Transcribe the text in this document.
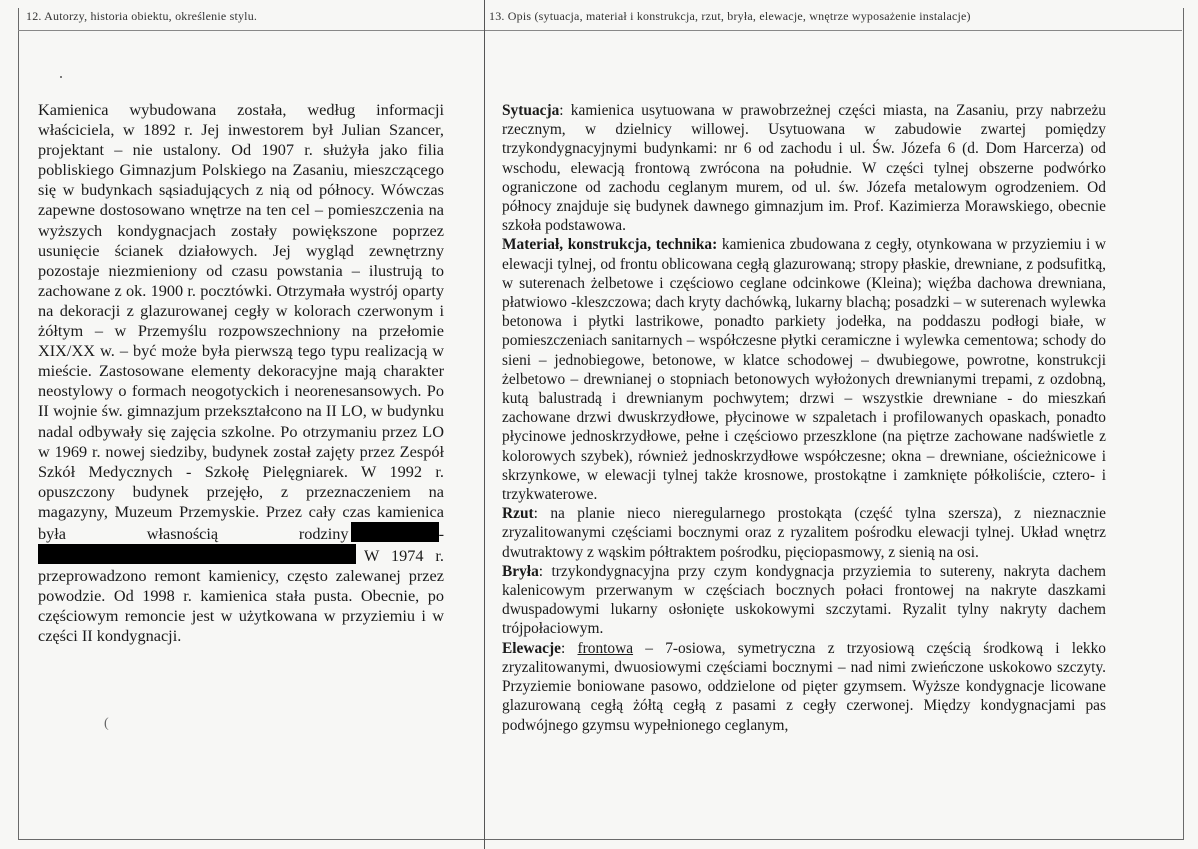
12. Autorzy, historia obiektu, określenie stylu.	13. Opis (sytuacja, materiał i konstrukcja, rzut, bryła, elewacje, wnętrze wyposażenie instalacje)

Kamienica wybudowana została, według informacji właściciela, w 1892 r. Jej inwestorem był Julian Szancer, projektant – nie ustalony. Od 1907 r. służyła jako filia pobliskiego Gimnazjum Polskiego na Zasaniu, mieszczącego się w budynkach sąsiadujących z nią od północy. Wówczas zapewne dostosowano wnętrze na ten cel – pomieszczenia na wyższych kondygnacjach zostały powiększone poprzez usunięcie ścianek działowych. Jej wygląd zewnętrzny pozostaje niezmieniony od czasu powstania – ilustrują to zachowane z ok. 1900 r. pocztówki. Otrzymała wystrój oparty na dekoracji z glazurowanej cegły w kolorach czerwonym i żółtym – w Przemyślu rozpowszechniony na przełomie XIX/XX w. – być może była pierwszą tego typu realizacją w mieście. Zastosowane elementy dekoracyjne mają charakter neostylowy o formach neogotyckich i neorenesansowych. Po II wojnie św. gimnazjum przekształcono na II LO, w budynku nadal odbywały się zajęcia szkolne. Po otrzymaniu przez LO w 1969 r. nowej siedziby, budynek został zajęty przez Zespół Szkół Medycznych - Szkołę Pielęgniarek. W 1992 r. opuszczony budynek przejęło, z przeznaczeniem na magazyny, Muzeum Przemyskie. Przez cały czas kamienica była własnością rodziny	- W 1974 r. przeprowadzono remont kamienicy, często zalewanej przez powodzie. Od 1998 r. kamienica stała pusta. Obecnie, po częściowym remoncie jest w użytkowana w przyziemiu i w części II kondygnacji.

(

Sytuacja: kamienica usytuowana w prawobrzeżnej części miasta, na Zasaniu, przy nabrzeżu rzecznym, w dzielnicy willowej. Usytuowana w zabudowie zwartej pomiędzy trzykondygnacyjnymi budynkami: nr 6 od zachodu i ul. Św. Józefa 6 (d. Dom Harcerza) od wschodu, elewacją frontową zwrócona na południe. W części tylnej obszerne podwórko ograniczone od zachodu ceglanym murem, od ul. św. Józefa metalowym ogrodzeniem. Od północy znajduje się budynek dawnego gimnazjum im. Prof. Kazimierza Morawskiego, obecnie szkoła podstawowa.

Materiał, konstrukcja, technika: kamienica zbudowana z cegły, otynkowana w przyziemiu i w elewacji tylnej, od frontu oblicowana cegłą glazurowaną; stropy płaskie, drewniane, z podsufitką, w suterenach żelbetowe i częściowo ceglane odcinkowe (Kleina); więźba dachowa drewniana, płatwiowo -kleszczowa; dach kryty dachówką, lukarny blachą; posadzki – w suterenach wylewka betonowa i płytki lastrikowe, ponadto parkiety jodełka, na poddaszu podłogi białe, w pomieszczeniach sanitarnych – współczesne płytki ceramiczne i wylewka cementowa; schody do sieni – jednobiegowe, betonowe, w klatce schodowej – dwubiegowe, powrotne, konstrukcji żelbetowo – drewnianej o stopniach betonowych wyłożonych drewnianymi trepami, z ozdobną, kutą balustradą i drewnianym pochwytem; drzwi – wszystkie drewniane - do mieszkań zachowane drzwi dwuskrzydłowe, płycinowe w szpaletach i profilowanych opaskach, ponadto płycinowe jednoskrzydłowe, pełne i częściowo przeszklone (na piętrze zachowane nadświetle z kolorowych szybek), również jednoskrzydłowe współczesne; okna – drewniane, ościeżnicowe i skrzynkowe, w elewacji tylnej także krosnowe, prostokątne i zamknięte półkoliście, cztero- i trzykwaterowe.

Rzut: na planie nieco nieregularnego prostokąta (część tylna szersza), z nieznacznie zryzalitowanymi częściami bocznymi oraz z ryzalitem pośrodku elewacji tylnej. Układ wnętrz dwutraktowy z wąskim półtraktem pośrodku, pięciopasmowy, z sienią na osi.

Bryła: trzykondygnacyjna przy czym kondygnacja przyziemia to sutereny, nakryta dachem kalenicowym przerwanym w częściach bocznych połaci frontowej na nakryte daszkami dwuspadowymi lukarny osłonięte uskokowymi szczytami. Ryzalit tylny nakryty dachem trójpołaciowym.

Elewacje: frontowa – 7-osiowa, symetryczna z trzyosiową częścią środkową i lekko zryzalitowanymi, dwuosiowymi częściami bocznymi – nad nimi zwieńczone uskokowo szczyty. Przyziemie boniowane pasowo, oddzielone od pięter gzymsem. Wyższe kondygnacje licowane glazurowaną cegłą żółtą cegłą z pasami z cegły czerwonej. Między kondygnacjami pas podwójnego gzymsu wypełnionego ceglanym,
